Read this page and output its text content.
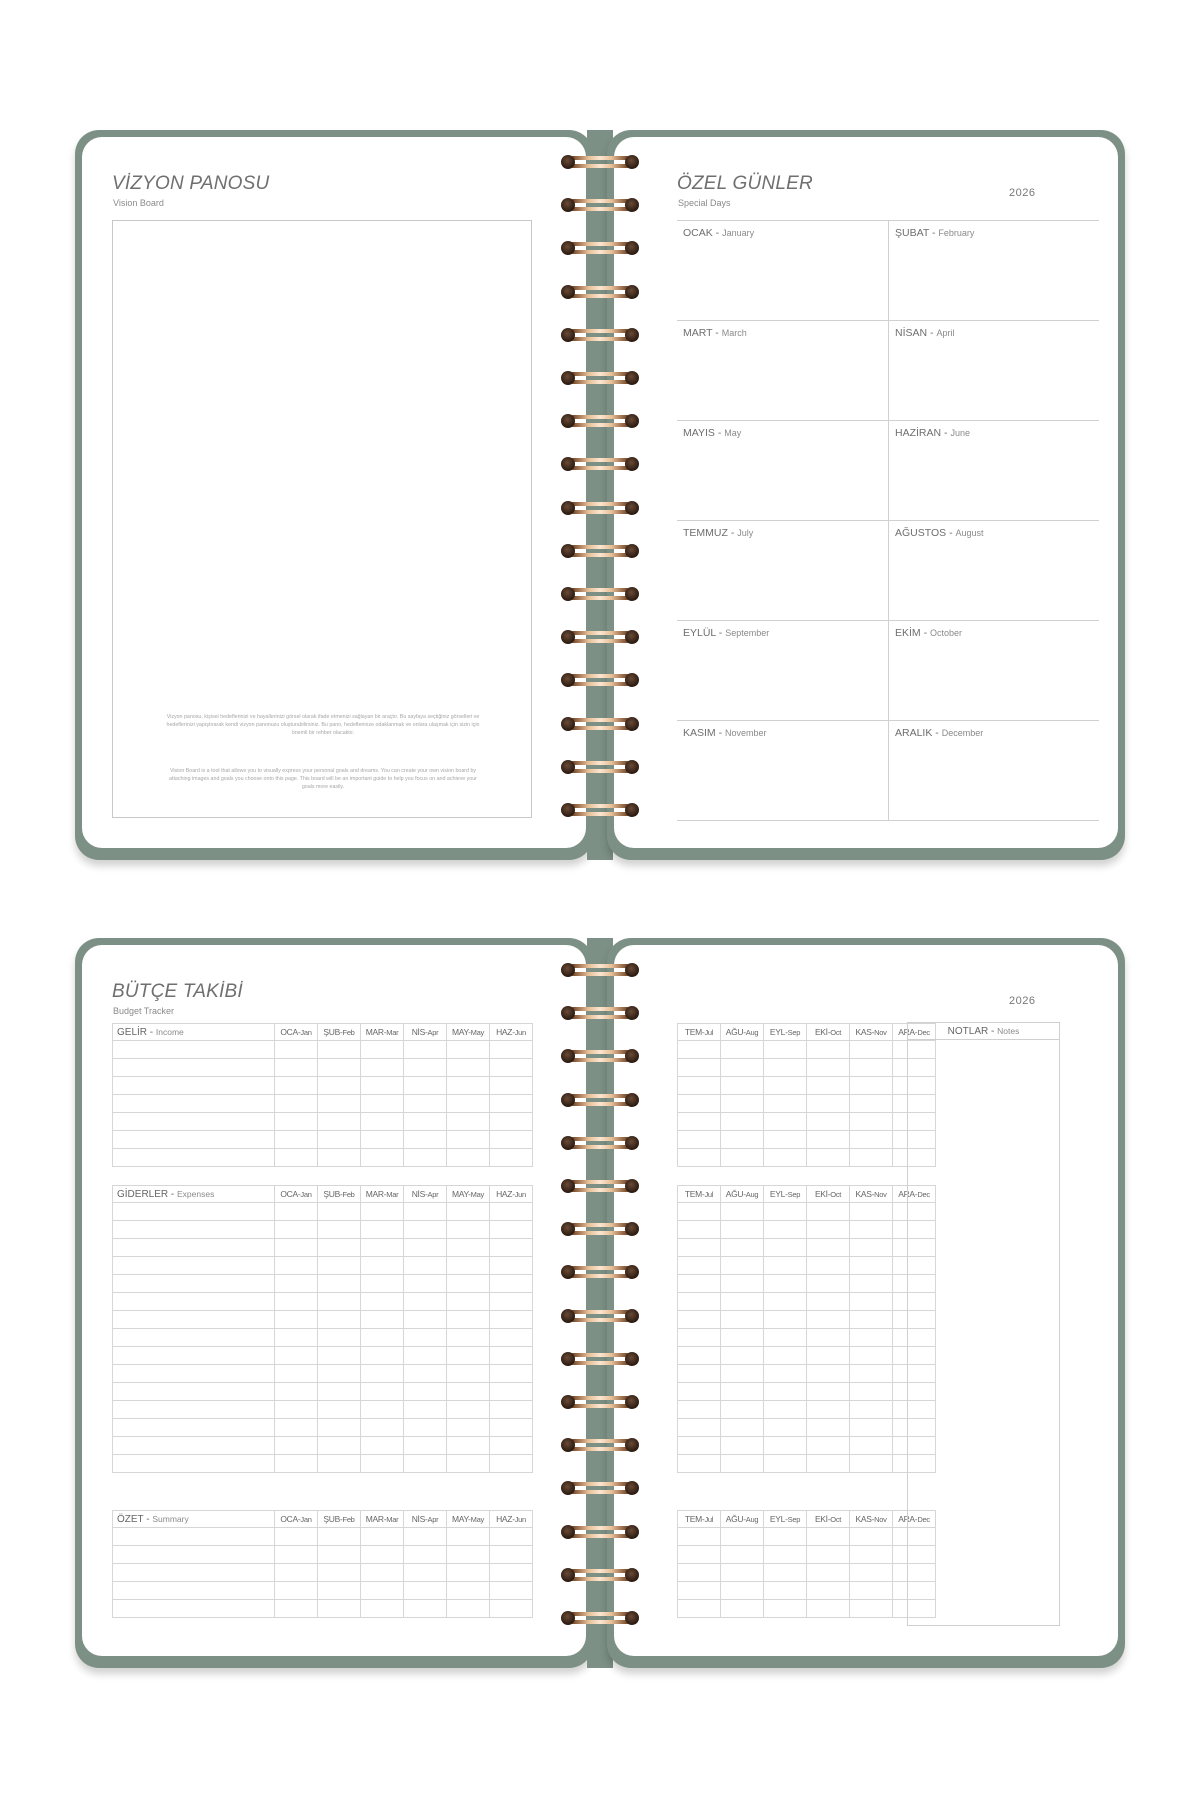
VİZYON PANOSU
Vision Board
Vizyon panosu, kişisel hedeflerinizi ve hayallerinizi görsel olarak ifade etmenizi sağlayan bir araçtır. Bu sayfaya seçtiğiniz görselleri ve hedeflerinizi yapıştırarak kendi vizyon panonuzu oluşturabilirsiniz. Bu pano, hedeflerinize odaklanmak ve onlara ulaşmak için sizin için önemli bir rehber olacaktır.
Vision Board is a tool that allows you to visually express your personal goals and dreams. You can create your own vision board by attaching images and goals you choose onto this page. This board will be an important guide to help you focus on and achieve your goals more easily.
ÖZEL GÜNLER
Special Days
2026
OCAK - January	ŞUBAT - February
MART - March	NİSAN - April
MAYIS - May	HAZİRAN - June
TEMMUZ - July	AĞUSTOS - August
EYLÜL - September	EKİM - October
KASIM - November	ARALIK - December
BÜTÇE TAKİBİ
Budget Tracker
GELİR - Income	OCA-Jan	ŞUB-Feb	MAR-Mar	NİS-Apr	MAY-May	HAZ-Jun

GİDERLER - Expenses	OCA-Jan	ŞUB-Feb	MAR-Mar	NİS-Apr	MAY-May	HAZ-Jun

ÖZET - Summary	OCA-Jan	ŞUB-Feb	MAR-Mar	NİS-Apr	MAY-May	HAZ-Jun

2026
TEM-Jul	AĞU-Aug	EYL-Sep	EKİ-Oct	KAS-Nov	ARA-Dec

TEM-Jul	AĞU-Aug	EYL-Sep	EKİ-Oct	KAS-Nov	ARA-Dec

TEM-Jul	AĞU-Aug	EYL-Sep	EKİ-Oct	KAS-Nov	ARA-Dec

NOTLAR - Notes
